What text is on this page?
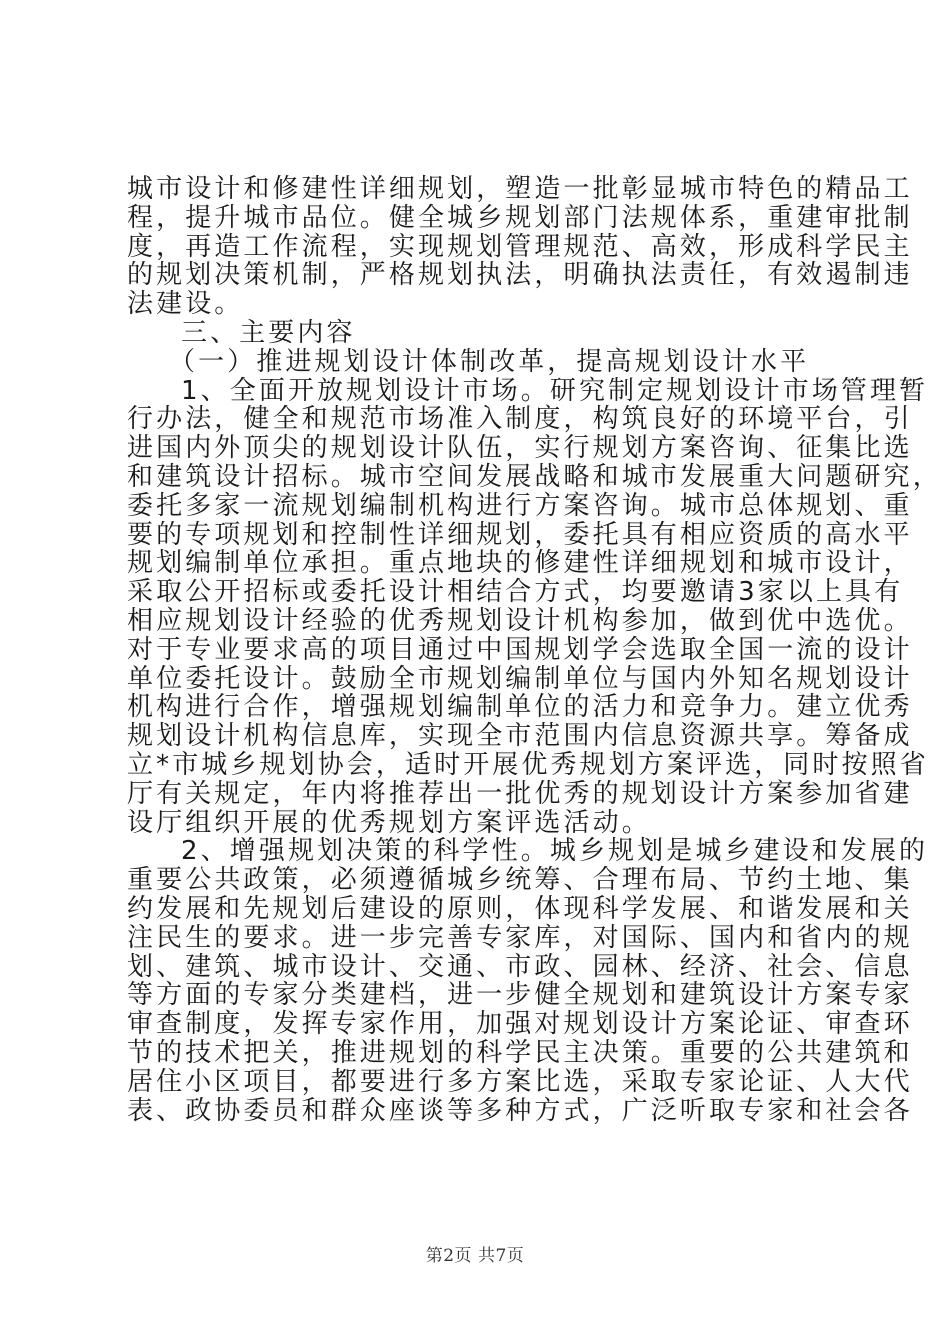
城市设计和修建性详细规划，塑造一批彰显城市特色的精品工
程，提升城市品位。健全城乡规划部门法规体系，重建审批制
度，再造工作流程，实现规划管理规范、高效，形成科学民主
的规划决策机制，严格规划执法，明确执法责任，有效遏制违
法建设。
三、主要内容
（一）推进规划设计体制改革，提高规划设计水平
1、全面开放规划设计市场。研究制定规划设计市场管理暂
行办法，健全和规范市场准入制度，构筑良好的环境平台，引
进国内外顶尖的规划设计队伍，实行规划方案咨询、征集比选
和建筑设计招标。城市空间发展战略和城市发展重大问题研究，
委托多家一流规划编制机构进行方案咨询。城市总体规划、重
要的专项规划和控制性详细规划，委托具有相应资质的高水平
规划编制单位承担。重点地块的修建性详细规划和城市设计，
采取公开招标或委托设计相结合方式，均要邀请3家以上具有
相应规划设计经验的优秀规划设计机构参加，做到优中选优。
对于专业要求高的项目通过中国规划学会选取全国一流的设计
单位委托设计。鼓励全市规划编制单位与国内外知名规划设计
机构进行合作，增强规划编制单位的活力和竞争力。建立优秀
规划设计机构信息库，实现全市范围内信息资源共享。筹备成
立*市城乡规划协会，适时开展优秀规划方案评选，同时按照省
厅有关规定，年内将推荐出一批优秀的规划设计方案参加省建
设厅组织开展的优秀规划方案评选活动。
2、增强规划决策的科学性。城乡规划是城乡建设和发展的
重要公共政策，必须遵循城乡统筹、合理布局、节约土地、集
约发展和先规划后建设的原则，体现科学发展、和谐发展和关
注民生的要求。进一步完善专家库，对国际、国内和省内的规
划、建筑、城市设计、交通、市政、园林、经济、社会、信息
等方面的专家分类建档，进一步健全规划和建筑设计方案专家
审查制度，发挥专家作用，加强对规划设计方案论证、审查环
节的技术把关，推进规划的科学民主决策。重要的公共建筑和
居住小区项目，都要进行多方案比选，采取专家论证、人大代
表、政协委员和群众座谈等多种方式，广泛听取专家和社会各
第2页 共7页
